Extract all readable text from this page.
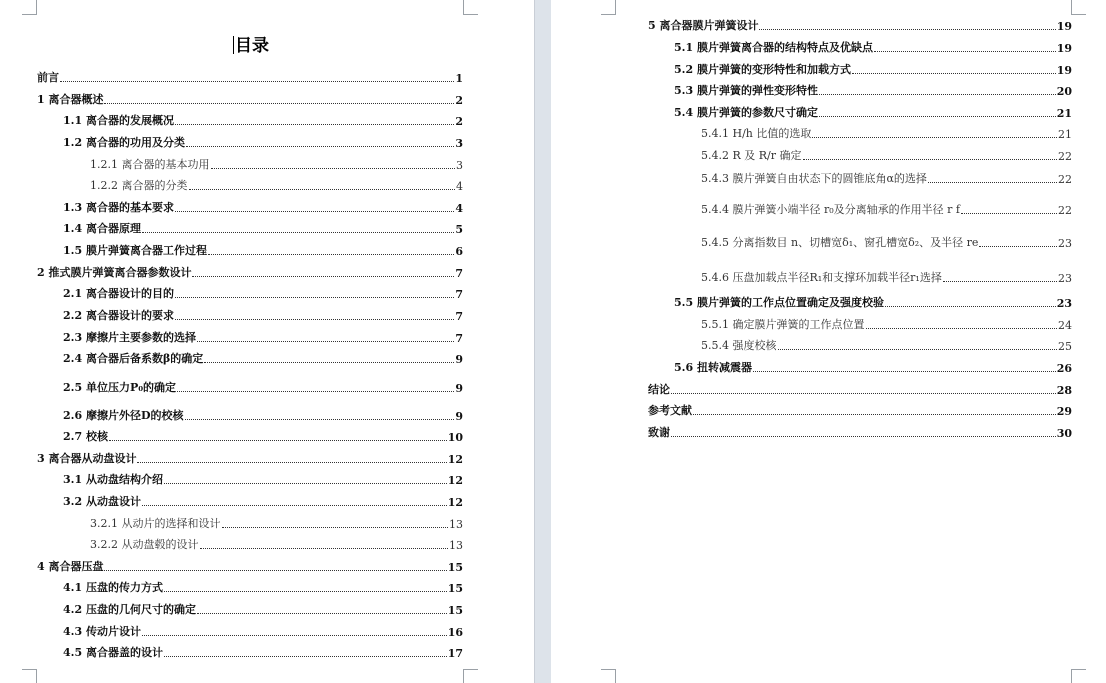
目录
前言	1
1 离合器概述	2
1.1 离合器的发展概况	2
1.2 离合器的功用及分类	3
1.2.1 离合器的基本功用	3
1.2.2 离合器的分类	4
1.3 离合器的基本要求	4
1.4 离合器原理	5
1.5 膜片弹簧离合器工作过程	6
2 推式膜片弹簧离合器参数设计	7
2.1 离合器设计的目的	7
2.2 离合器设计的要求	7
2.3 摩擦片主要参数的选择	7
2.4 离合器后备系数β的确定	9
2.5 单位压力P₀的确定	9
2.6 摩擦片外径D的校核	9
2.7 校核	10
3 离合器从动盘设计	12
3.1 从动盘结构介绍	12
3.2 从动盘设计	12
3.2.1 从动片的选择和设计	13
3.2.2 从动盘毂的设计	13
4 离合器压盘	15
4.1 压盘的传力方式	15
4.2 压盘的几何尺寸的确定	15
4.3 传动片设计	16
4.5 离合器盖的设计	17
5 离合器膜片弹簧设计	19
5.1 膜片弹簧离合器的结构特点及优缺点	19
5.2 膜片弹簧的变形特性和加载方式	19
5.3 膜片弹簧的弹性变形特性	20
5.4 膜片弹簧的参数尺寸确定	21
5.4.1 H/h 比值的选取	21
5.4.2 R 及 R/r 确定	22
5.4.3 膜片弹簧自由状态下的圆锥底角α的选择	22
5.4.4 膜片弹簧小端半径 r₀及分离轴承的作用半径 r f	22
5.4.5 分离指数目 n、切槽宽δ₁、窗孔槽宽δ₂、及半径 re	23
5.4.6 压盘加载点半径R₁和支撑环加载半径r₁选择	23
5.5 膜片弹簧的工作点位置确定及强度校验	23
5.5.1 确定膜片弹簧的工作点位置	24
5.5.4 强度校核	25
5.6 扭转减震器	26
结论	28
参考文献	29
致谢	30
